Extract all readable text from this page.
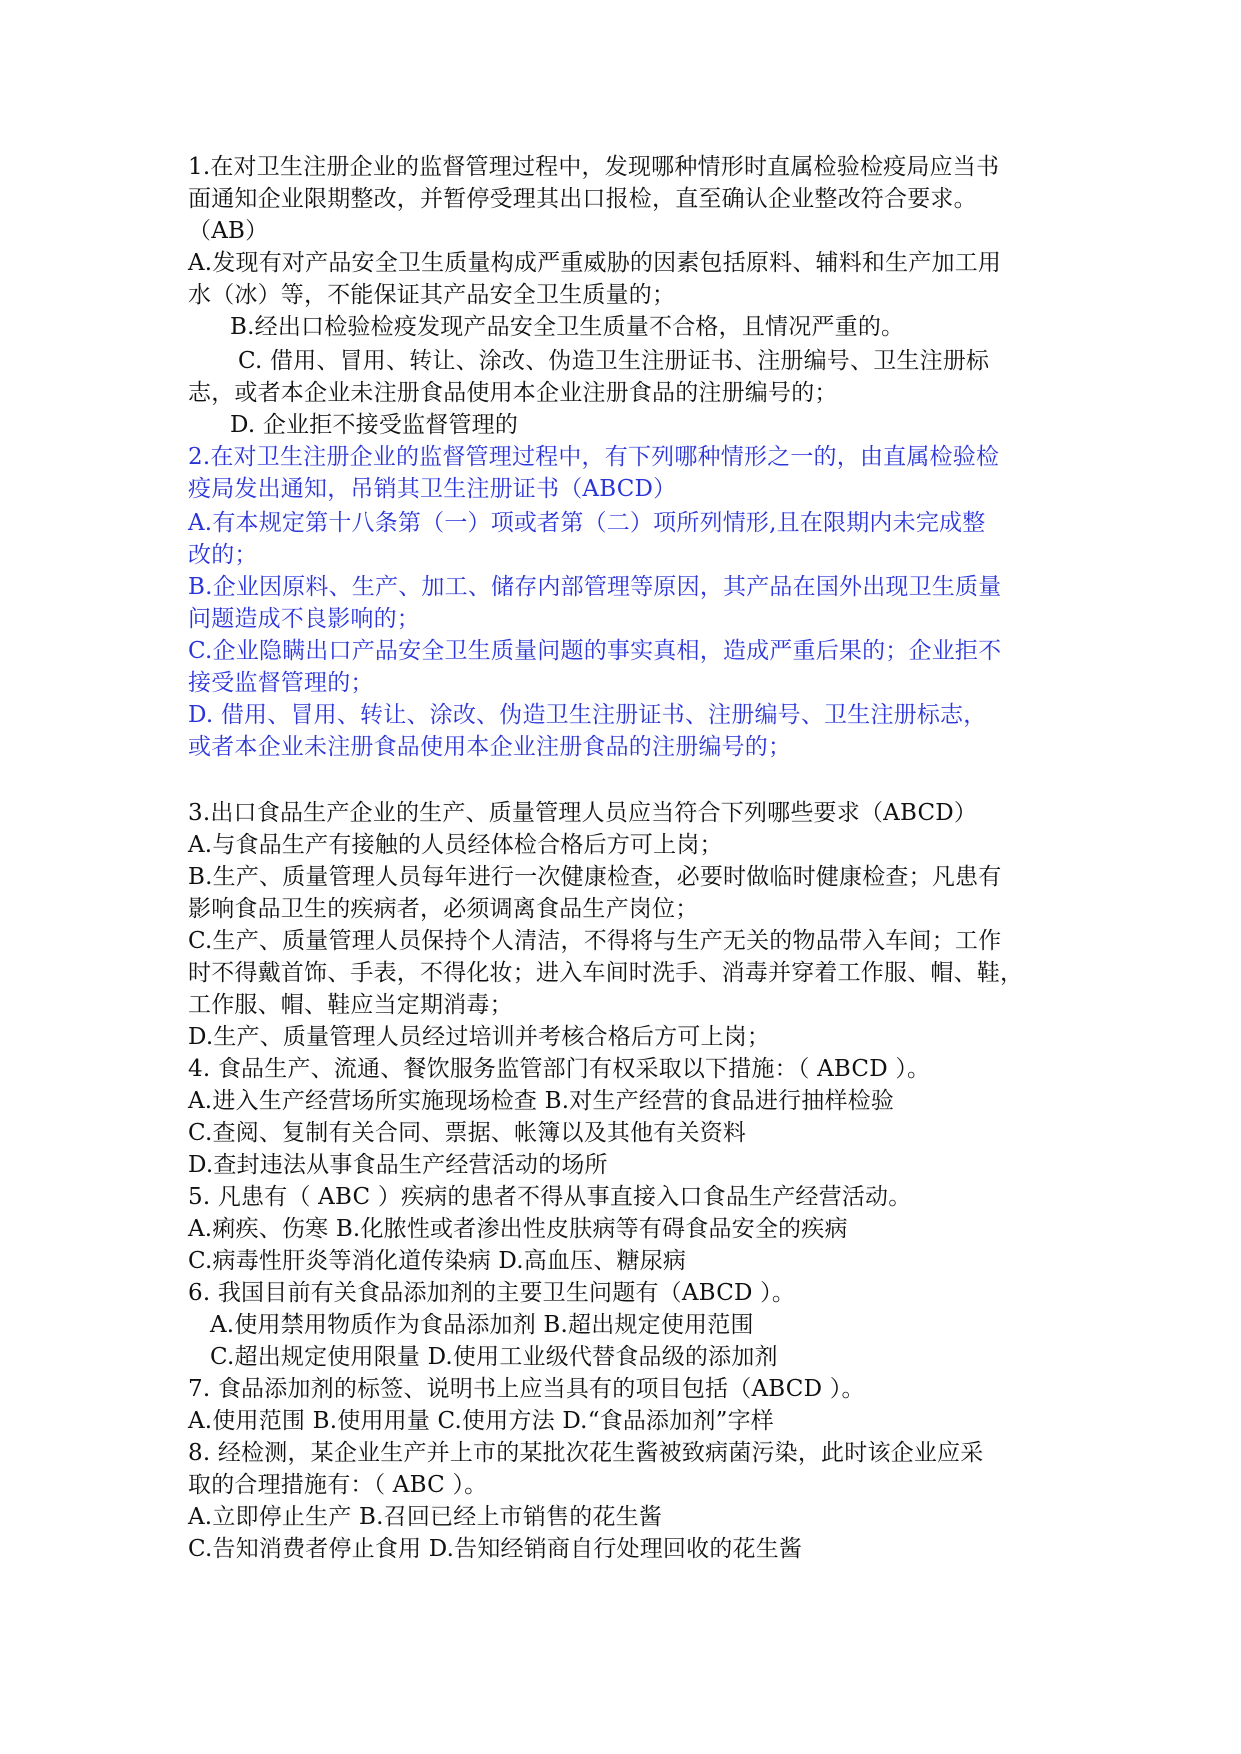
1.在对卫生注册企业的监督管理过程中，发现哪种情形时直属检验检疫局应当书
面通知企业限期整改，并暂停受理其出口报检，直至确认企业整改符合要求。
（AB）
A.发现有对产品安全卫生质量构成严重威胁的因素包括原料、辅料和生产加工用
水（冰）等，不能保证其产品安全卫生质量的；
B.经出口检验检疫发现产品安全卫生质量不合格，且情况严重的。
C. 借用、冒用、转让、涂改、伪造卫生注册证书、注册编号、卫生注册标
志，或者本企业未注册食品使用本企业注册食品的注册编号的；
D. 企业拒不接受监督管理的
2.在对卫生注册企业的监督管理过程中，有下列哪种情形之一的，由直属检验检
疫局发出通知，吊销其卫生注册证书（ABCD）
A.有本规定第十八条第（一）项或者第（二）项所列情形,且在限期内未完成整
改的；
B.企业因原料、生产、加工、储存内部管理等原因，其产品在国外出现卫生质量
问题造成不良影响的；
C.企业隐瞒出口产品安全卫生质量问题的事实真相，造成严重后果的；企业拒不
接受监督管理的；
D. 借用、冒用、转让、涂改、伪造卫生注册证书、注册编号、卫生注册标志，
或者本企业未注册食品使用本企业注册食品的注册编号的；
3.出口食品生产企业的生产、质量管理人员应当符合下列哪些要求（ABCD）
A.与食品生产有接触的人员经体检合格后方可上岗；
B.生产、质量管理人员每年进行一次健康检查，必要时做临时健康检查；凡患有
影响食品卫生的疾病者，必须调离食品生产岗位；
C.生产、质量管理人员保持个人清洁，不得将与生产无关的物品带入车间；工作
时不得戴首饰、手表，不得化妆；进入车间时洗手、消毒并穿着工作服、帽、鞋，
工作服、帽、鞋应当定期消毒；
D.生产、质量管理人员经过培训并考核合格后方可上岗；
4. 食品生产、流通、餐饮服务监管部门有权采取以下措施：（ ABCD ）。
A.进入生产经营场所实施现场检查 B.对生产经营的食品进行抽样检验
C.查阅、复制有关合同、票据、帐簿以及其他有关资料
D.查封违法从事食品生产经营活动的场所
5. 凡患有（ ABC ）疾病的患者不得从事直接入口食品生产经营活动。
A.痢疾、伤寒 B.化脓性或者渗出性皮肤病等有碍食品安全的疾病
C.病毒性肝炎等消化道传染病 D.高血压、糖尿病
6. 我国目前有关食品添加剂的主要卫生问题有（ABCD ）。
A.使用禁用物质作为食品添加剂 B.超出规定使用范围
C.超出规定使用限量 D.使用工业级代替食品级的添加剂
7. 食品添加剂的标签、说明书上应当具有的项目包括（ABCD ）。
A.使用范围 B.使用用量 C.使用方法 D.“食品添加剂”字样
8. 经检测，某企业生产并上市的某批次花生酱被致病菌污染，此时该企业应采
取的合理措施有：（ ABC ）。
A.立即停止生产 B.召回已经上市销售的花生酱
C.告知消费者停止食用 D.告知经销商自行处理回收的花生酱
